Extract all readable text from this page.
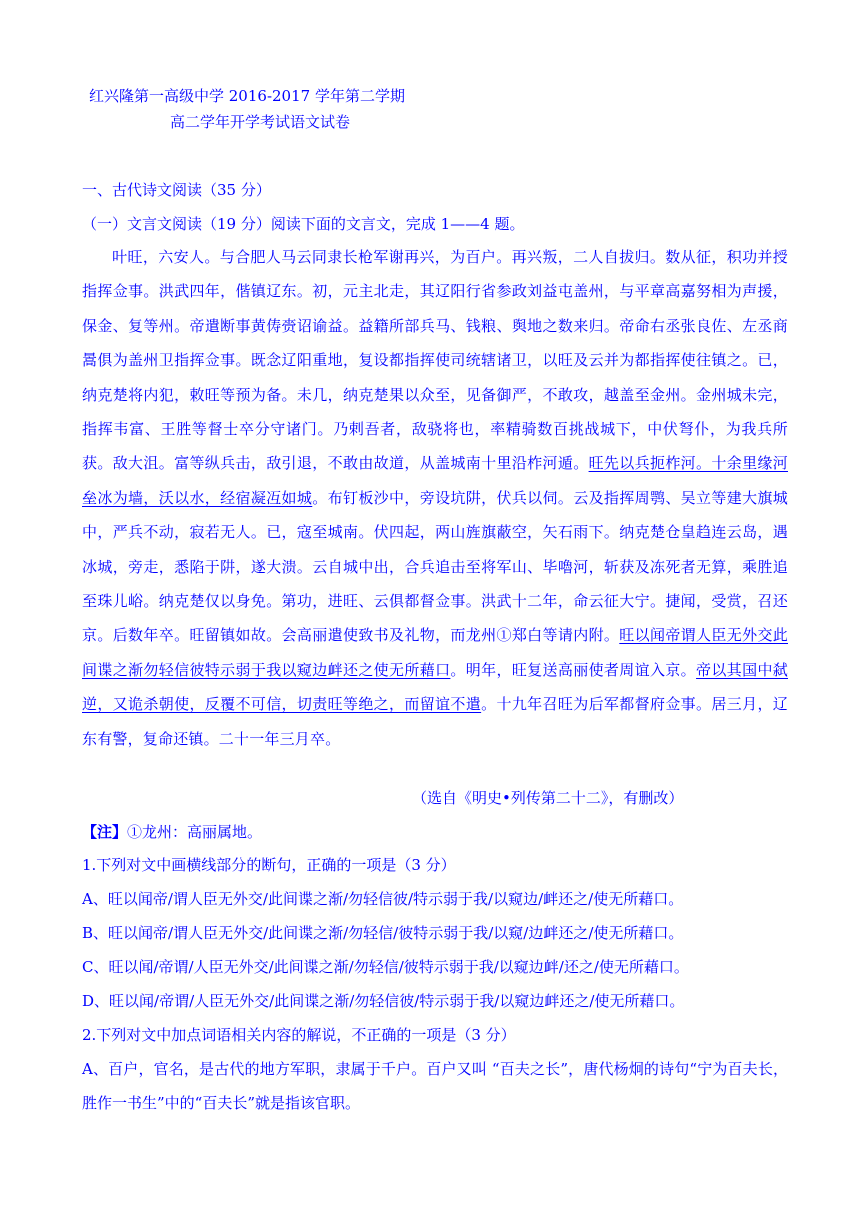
红兴隆第一高级中学 2016-2017 学年第二学期
高二学年开学考试语文试卷
一、古代诗文阅读（35 分）
（一）文言文阅读（19 分）阅读下面的文言文，完成 1——4 题。
叶旺，六安人。与合肥人马云同隶长枪军谢再兴，为百户。再兴叛，二人自拔归。数从征，积功并授指挥佥事。洪武四年，偕镇辽东。初，元主北走，其辽阳行省参政刘益屯盖州，与平章高嘉努相为声援，保金、复等州。帝遣断事黄俦赍诏谕益。益籍所部兵马、钱粮、舆地之数来归。帝命右丞张良佐、左丞商暠俱为盖州卫指挥佥事。既念辽阳重地，复设都指挥使司统辖诸卫，以旺及云并为都指挥使往镇之。已，纳克楚将内犯，敕旺等预为备。未几，纳克楚果以众至，见备御严，不敢攻，越盖至金州。金州城未完，指挥韦富、王胜等督士卒分守诸门。乃剌吾者，敌骁将也，率精骑数百挑战城下，中伏弩仆，为我兵所获。敌大沮。富等纵兵击，敌引退，不敢由故道，从盖城南十里沿柞河遁。旺先以兵扼柞河。十余里缘河垒冰为墙，沃以水，经宿凝冱如城。布钉板沙中，旁设坑阱，伏兵以伺。云及指挥周鹗、吴立等建大旗城中，严兵不动，寂若无人。已，寇至城南。伏四起，两山旌旗蔽空，矢石雨下。纳克楚仓皇趋连云岛，遇冰城，旁走，悉陷于阱，遂大溃。云自城中出，合兵追击至将军山、毕嚕河，斩获及冻死者无算，乘胜追至珠儿峪。纳克楚仅以身免。第功，进旺、云俱都督佥事。洪武十二年，命云征大宁。捷闻，受赏，召还京。后数年卒。旺留镇如故。会高丽遣使致书及礼物，而龙州①郑白等请内附。旺以闻帝谓人臣无外交此间谍之渐勿轻信彼特示弱于我以窥边衅还之使无所藉口。明年，旺复送高丽使者周谊入京。帝以其国中弑逆，又诡杀朝使，反覆不可信，切责旺等绝之，而留谊不遣。十九年召旺为后军都督府佥事。居三月，辽东有警，复命还镇。二十一年三月卒。
（选自《明史•列传第二十二》，有删改）
【注】①龙州：高丽属地。
1.下列对文中画横线部分的断句，正确的一项是（3 分）
A、旺以闻帝/谓人臣无外交/此间谍之渐/勿轻信彼/特示弱于我/以窥边/衅还之/使无所藉口。
B、旺以闻帝/谓人臣无外交/此间谍之渐/勿轻信/彼特示弱于我/以窥/边衅还之/使无所藉口。
C、旺以闻/帝谓/人臣无外交/此间谍之渐/勿轻信/彼特示弱于我/以窥边衅/还之/使无所藉口。
D、旺以闻/帝谓/人臣无外交/此间谍之渐/勿轻信彼/特示弱于我/以窥边衅还之/使无所藉口。
2.下列对文中加点词语相关内容的解说，不正确的一项是（3 分）
A、百户，官名，是古代的地方军职，隶属于千户。百户又叫 “百夫之长”，唐代杨炯的诗句“宁为百夫长，胜作一书生”中的“百夫长”就是指该官职。
